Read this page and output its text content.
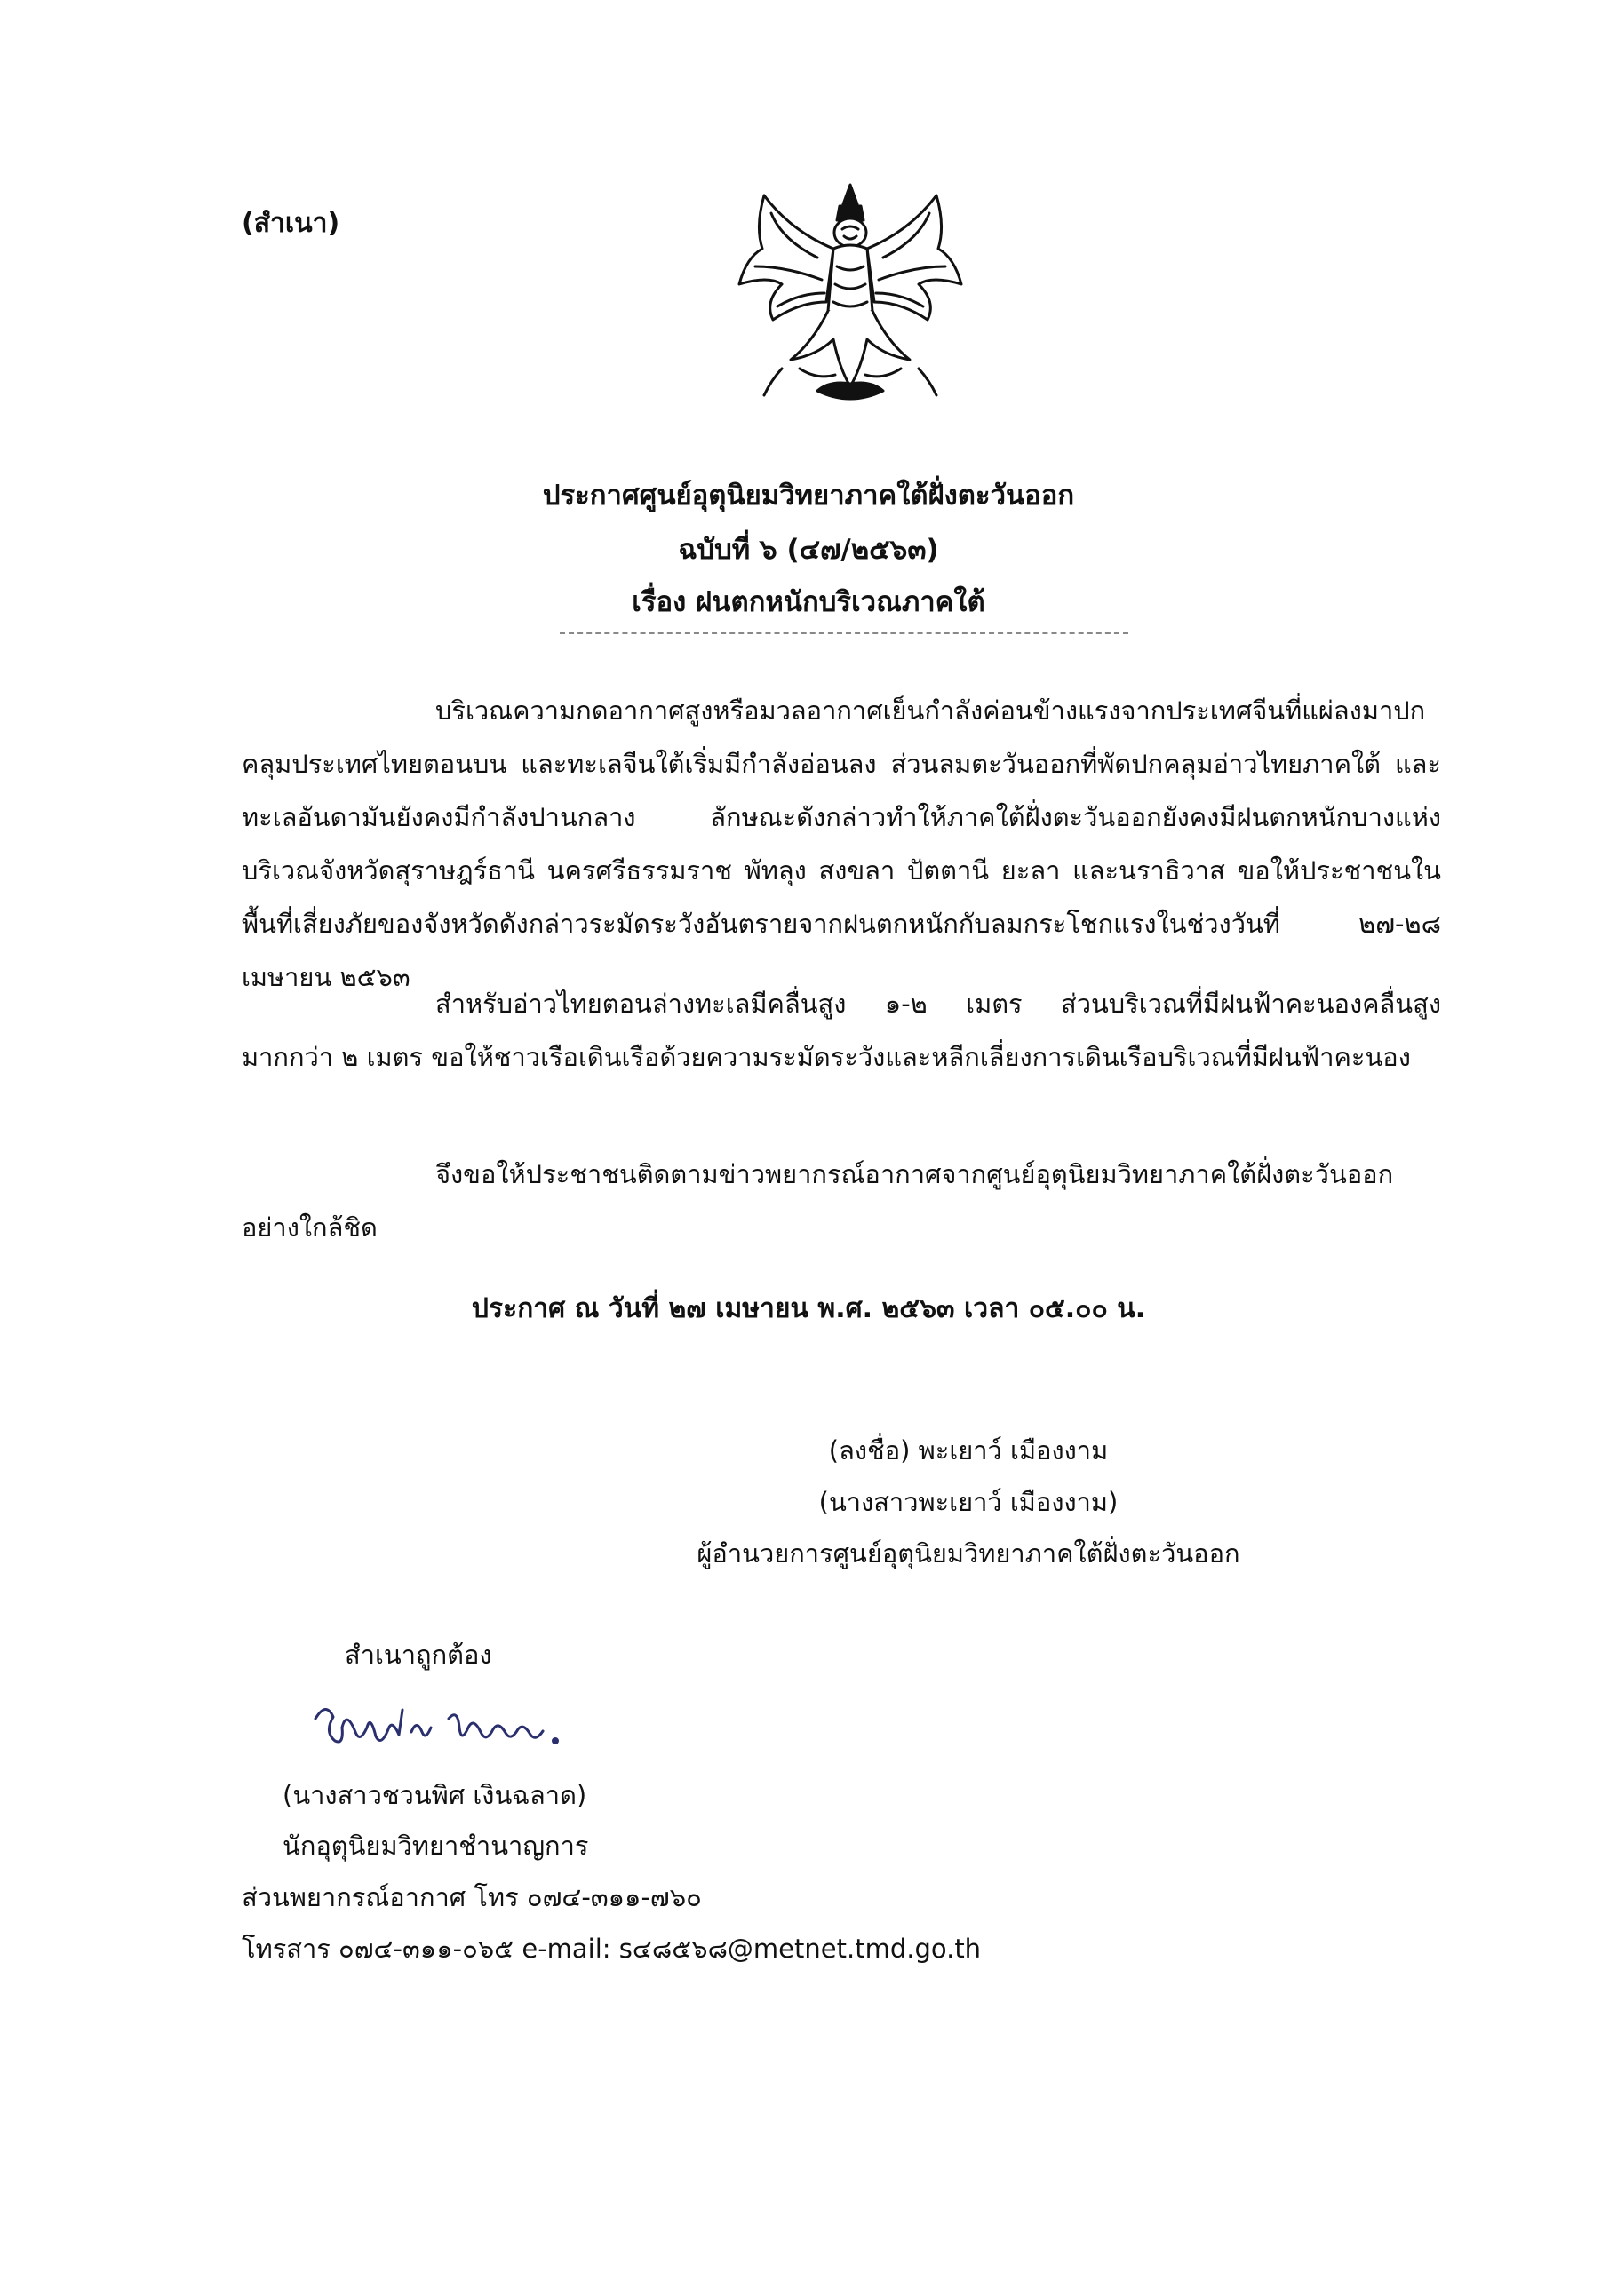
(สำเนา)
ประกาศศูนย์อุตุนิยมวิทยาภาคใต้ฝั่งตะวันออก
ฉบับที่ ๖ (๔๗/๒๕๖๓)
เรื่อง ฝนตกหนักบริเวณภาคใต้
บริเวณความกดอากาศสูงหรือมวลอากาศเย็นกำลังค่อนข้างแรงจากประเทศจีนที่แผ่ลงมาปกคลุมประเทศไทยตอนบน และทะเลจีนใต้เริ่มมีกำลังอ่อนลง ส่วนลมตะวันออกที่พัดปกคลุมอ่าวไทยภาคใต้ และทะเลอันดามันยังคงมีกำลังปานกลาง ลักษณะดังกล่าวทำให้ภาคใต้ฝั่งตะวันออกยังคงมีฝนตกหนักบางแห่ง บริเวณจังหวัดสุราษฎร์ธานี นครศรีธรรมราช พัทลุง สงขลา ปัตตานี ยะลา และนราธิวาส ขอให้ประชาชนในพื้นที่เสี่ยงภัยของจังหวัดดังกล่าวระมัดระวังอันตรายจากฝนตกหนักกับลมกระโชกแรงในช่วงวันที่ ๒๗-๒๘ เมษายน ๒๕๖๓
สำหรับอ่าวไทยตอนล่างทะเลมีคลื่นสูง ๑-๒ เมตร ส่วนบริเวณที่มีฝนฟ้าคะนองคลื่นสูงมากกว่า ๒ เมตร ขอให้ชาวเรือเดินเรือด้วยความระมัดระวังและหลีกเลี่ยงการเดินเรือบริเวณที่มีฝนฟ้าคะนอง
จึงขอให้ประชาชนติดตามข่าวพยากรณ์อากาศจากศูนย์อุตุนิยมวิทยาภาคใต้ฝั่งตะวันออกอย่างใกล้ชิด
ประกาศ ณ วันที่ ๒๗ เมษายน พ.ศ. ๒๕๖๓ เวลา ๐๕.๐๐ น.
(ลงชื่อ) พะเยาว์ เมืองงาม
(นางสาวพะเยาว์ เมืองงาม)
ผู้อำนวยการศูนย์อุตุนิยมวิทยาภาคใต้ฝั่งตะวันออก
สำเนาถูกต้อง
(นางสาวชวนพิศ เงินฉลาด)
นักอุตุนิยมวิทยาชำนาญการ
ส่วนพยากรณ์อากาศ โทร ๐๗๔-๓๑๑-๗๖๐
โทรสาร ๐๗๔-๓๑๑-๐๖๕ e-mail: s๔๘๕๖๘@metnet.tmd.go.th
